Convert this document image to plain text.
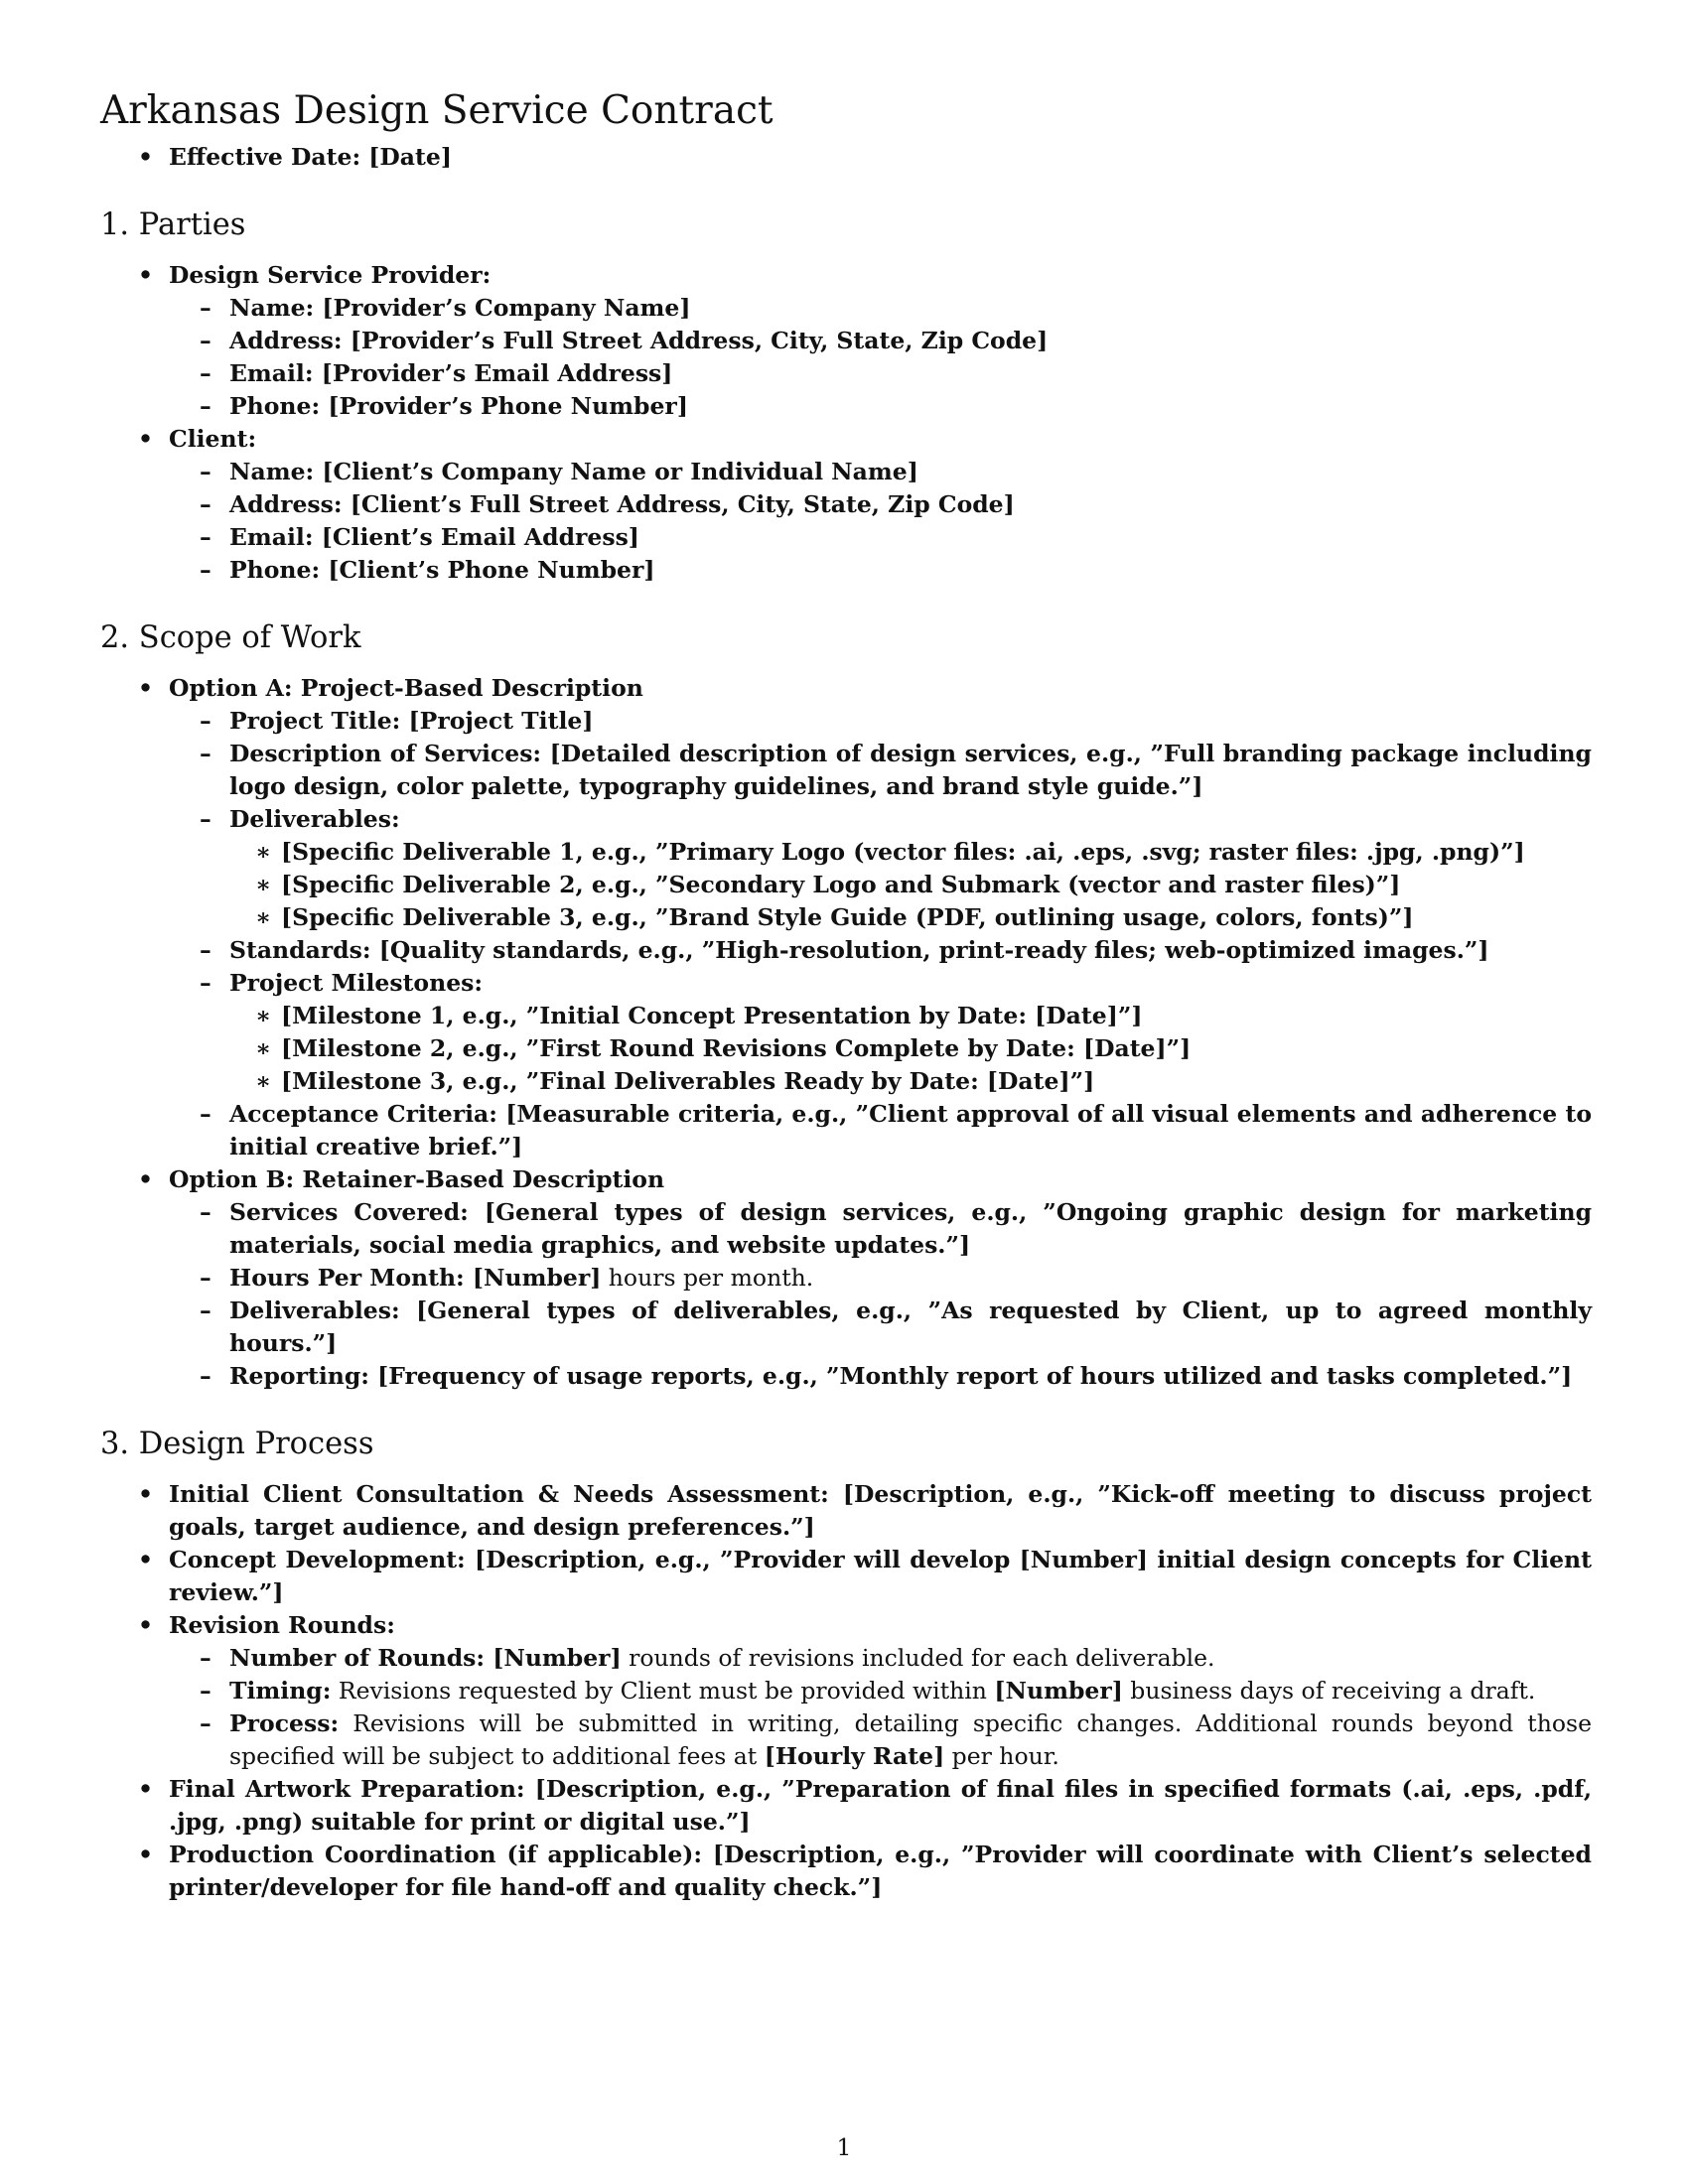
Arkansas Design Service Contract
• Effective Date: [Date]
1. Parties
• Design Service Provider:
– Name: [Provider’s Company Name]
– Address: [Provider’s Full Street Address, City, State, Zip Code]
– Email: [Provider’s Email Address]
– Phone: [Provider’s Phone Number]
• Client:
– Name: [Client’s Company Name or Individual Name]
– Address: [Client’s Full Street Address, City, State, Zip Code]
– Email: [Client’s Email Address]
– Phone: [Client’s Phone Number]
2. Scope of Work
• Option A: Project-Based Description
– Project Title: [Project Title]
– Description of Services: [Detailed description of design services, e.g., ”Full branding package including logo design, color palette, typography guidelines, and brand style guide.”]
– Deliverables:
∗ [Specific Deliverable 1, e.g., ”Primary Logo (vector files: .ai, .eps, .svg; raster files: .jpg, .png)”]
∗ [Specific Deliverable 2, e.g., ”Secondary Logo and Submark (vector and raster files)”]
∗ [Specific Deliverable 3, e.g., ”Brand Style Guide (PDF, outlining usage, colors, fonts)”]
– Standards: [Quality standards, e.g., ”High-resolution, print-ready files; web-optimized images.”]
– Project Milestones:
∗ [Milestone 1, e.g., ”Initial Concept Presentation by Date: [Date]”]
∗ [Milestone 2, e.g., ”First Round Revisions Complete by Date: [Date]”]
∗ [Milestone 3, e.g., ”Final Deliverables Ready by Date: [Date]”]
– Acceptance Criteria: [Measurable criteria, e.g., ”Client approval of all visual elements and adherence to initial creative brief.”]
• Option B: Retainer-Based Description
– Services Covered: [General types of design services, e.g., ”Ongoing graphic design for marketing materials, social media graphics, and website updates.”]
– Hours Per Month: [Number] hours per month.
– Deliverables: [General types of deliverables, e.g., ”As requested by Client, up to agreed monthly hours.”]
– Reporting: [Frequency of usage reports, e.g., ”Monthly report of hours utilized and tasks completed.”]
3. Design Process
• Initial Client Consultation & Needs Assessment: [Description, e.g., ”Kick-off meeting to discuss project goals, target audience, and design preferences.”]
• Concept Development: [Description, e.g., ”Provider will develop [Number] initial design concepts for Client review.”]
• Revision Rounds:
– Number of Rounds: [Number] rounds of revisions included for each deliverable.
– Timing: Revisions requested by Client must be provided within [Number] business days of receiving a draft.
– Process: Revisions will be submitted in writing, detailing specific changes. Additional rounds beyond those specified will be subject to additional fees at [Hourly Rate] per hour.
• Final Artwork Preparation: [Description, e.g., ”Preparation of final files in specified formats (.ai, .eps, .pdf, .jpg, .png) suitable for print or digital use.”]
• Production Coordination (if applicable): [Description, e.g., ”Provider will coordinate with Client’s selected printer/developer for file hand-off and quality check.”]
1
